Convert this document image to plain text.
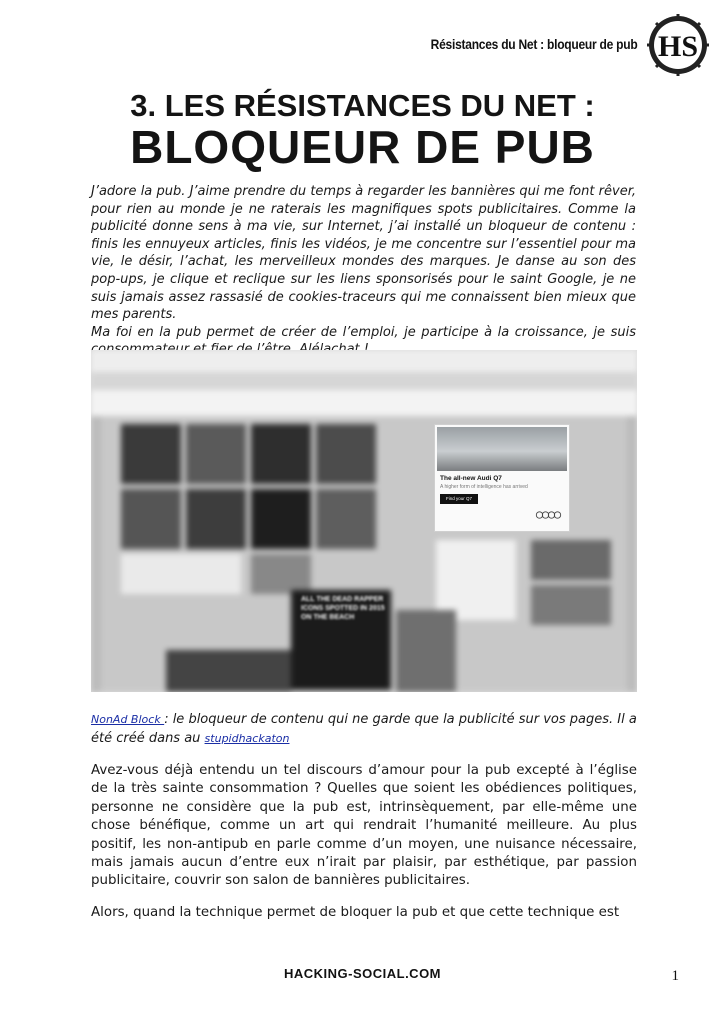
Résistances du Net : bloqueur de pub HS
3. LES RÉSISTANCES DU NET :
BLOQUEUR DE PUB

J’adore la pub. J’aime prendre du temps à regarder les bannières qui me font rêver, pour rien au monde je ne raterais les magnifiques spots publicitaires. Comme la publicité donne sens à ma vie, sur Internet, j’ai installé un bloqueur de contenu : finis les ennuyeux articles, finis les vidéos, je me concentre sur l’essentiel pour ma vie, le désir, l’achat, les merveilleux mondes des marques. Je danse au son des pop-ups, je clique et reclique sur les liens sponsorisés pour le saint Google, je ne suis jamais assez rassasié de cookies-traceurs qui me connaissent bien mieux que mes parents.

Ma foi en la pub permet de créer de l’emploi, je participe à la croissance, je suis

ALL THE DEAD RAPPER ICONS SPOTTED IN 2015 ON THE BEACH
The all-new Audi Q7
A higher form of intelligence has arrived
Find your Q7

NonAd Block : le bloqueur de contenu qui ne garde que la publicité sur vos pages. Il a été créé dans au stupidhackaton

Avez-vous déjà entendu un tel discours d’amour pour la pub excepté à l’église de la très sainte consommation ? Quelles que soient les obédiences politiques, personne ne considère que la pub est, intrinsèquement, par elle-même une chose bénéfique, comme un art qui rendrait l’humanité meilleure. Au plus positif, les non-antipub en parle comme d’un moyen, une nuisance nécessaire, mais jamais aucun d’entre eux n’irait par plaisir, par esthétique, par passion publicitaire, couvrir son salon de bannières publicitaires.

Alors, quand la technique permet de bloquer la pub et que cette technique est

HACKING-SOCIAL.COM	1
